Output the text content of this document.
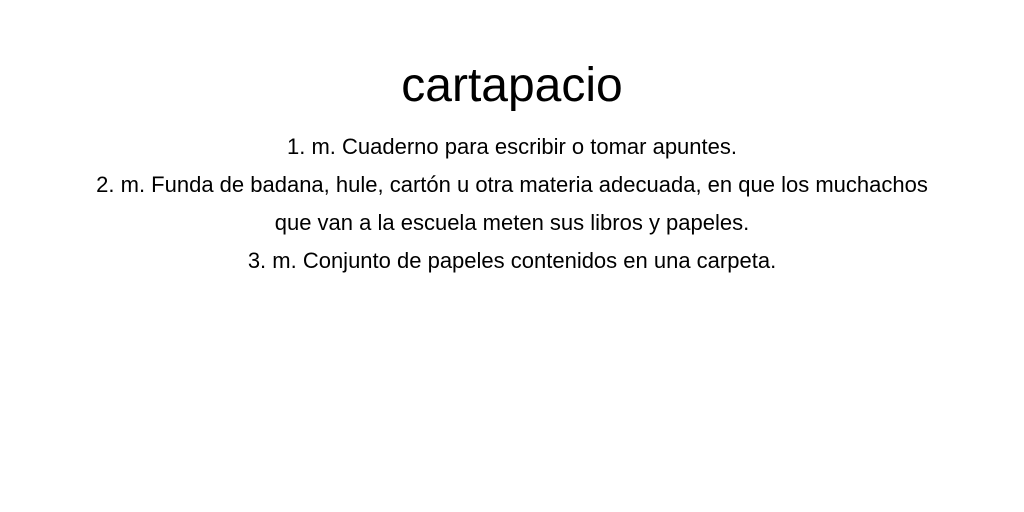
cartapacio
1. m. Cuaderno para escribir o tomar apuntes.
2. m. Funda de badana, hule, cartón u otra materia adecuada, en que los muchachos que van a la escuela meten sus libros y papeles.
3. m. Conjunto de papeles contenidos en una carpeta.
